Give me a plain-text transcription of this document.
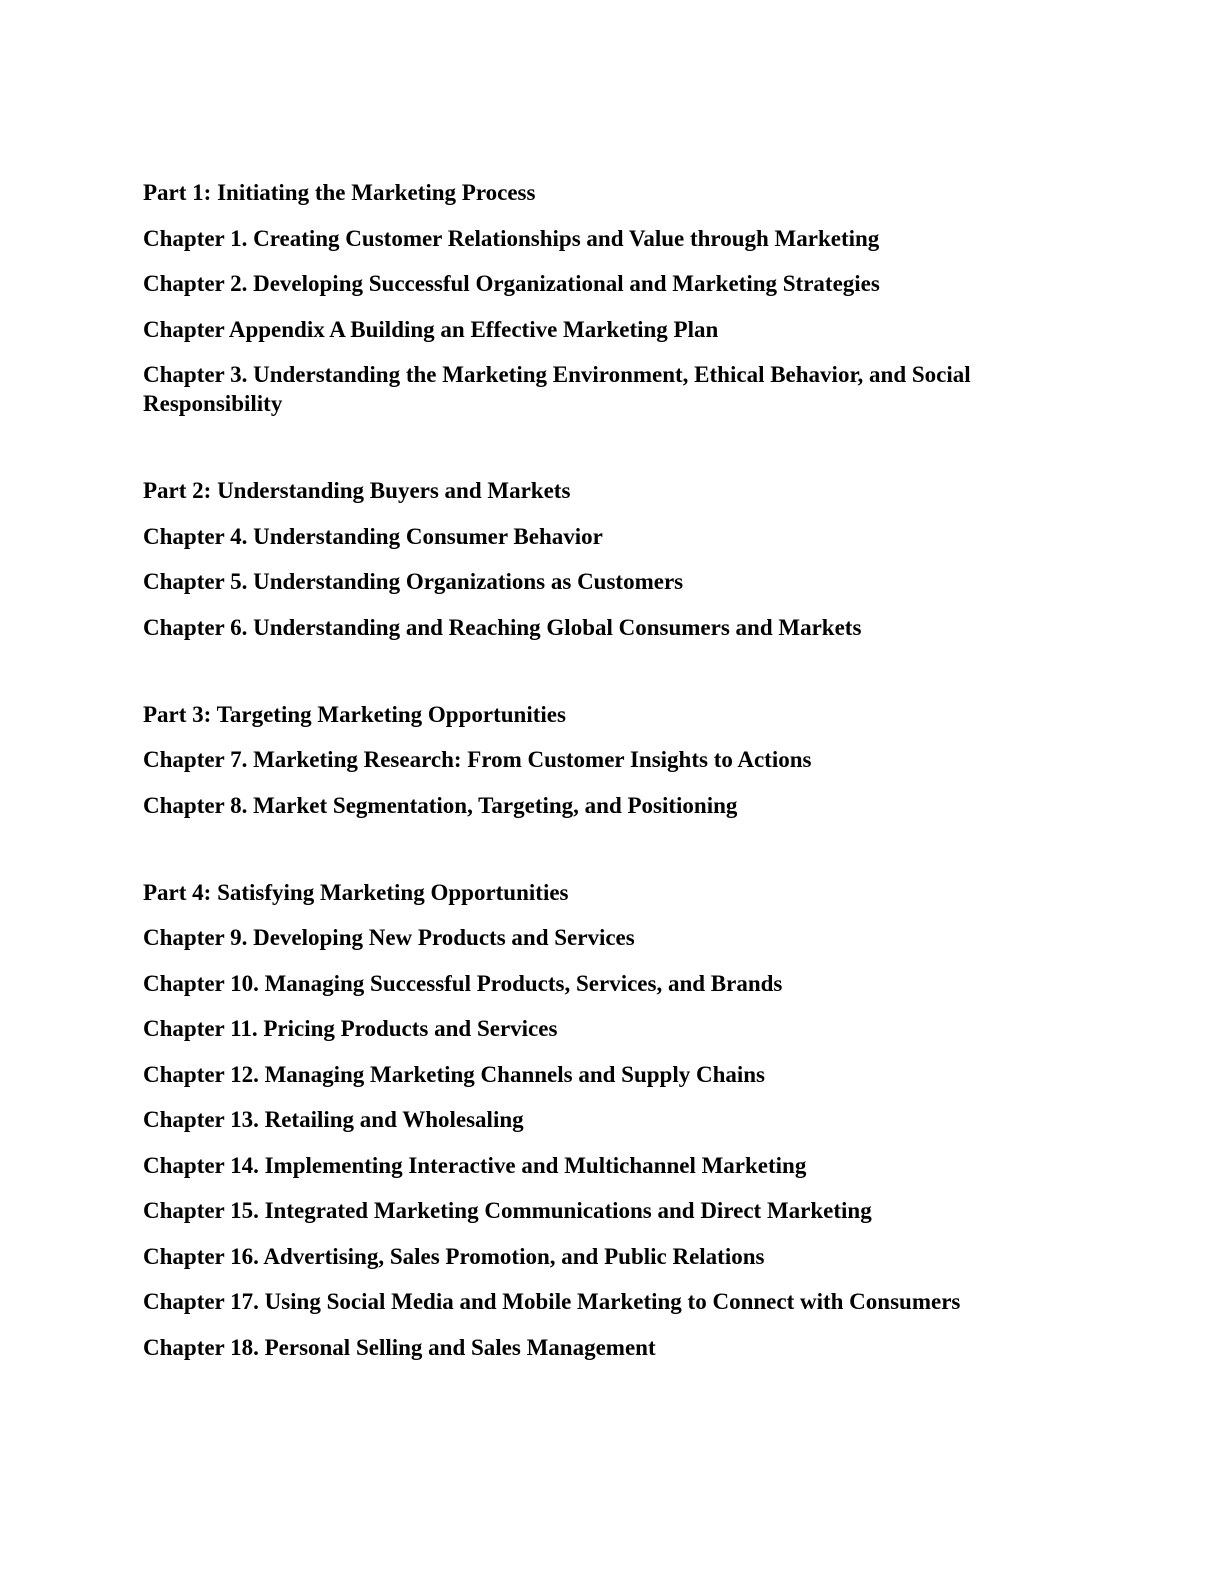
Part 1: Initiating the Marketing Process
Chapter 1. Creating Customer Relationships and Value through Marketing
Chapter 2. Developing Successful Organizational and Marketing Strategies
Chapter Appendix A Building an Effective Marketing Plan
Chapter 3. Understanding the Marketing Environment, Ethical Behavior, and Social Responsibility
Part 2: Understanding Buyers and Markets
Chapter 4. Understanding Consumer Behavior
Chapter 5. Understanding Organizations as Customers
Chapter 6. Understanding and Reaching Global Consumers and Markets
Part 3: Targeting Marketing Opportunities
Chapter 7. Marketing Research: From Customer Insights to Actions
Chapter 8. Market Segmentation, Targeting, and Positioning
Part 4: Satisfying Marketing Opportunities
Chapter 9. Developing New Products and Services
Chapter 10. Managing Successful Products, Services, and Brands
Chapter 11. Pricing Products and Services
Chapter 12. Managing Marketing Channels and Supply Chains
Chapter 13. Retailing and Wholesaling
Chapter 14. Implementing Interactive and Multichannel Marketing
Chapter 15. Integrated Marketing Communications and Direct Marketing
Chapter 16. Advertising, Sales Promotion, and Public Relations
Chapter 17. Using Social Media and Mobile Marketing to Connect with Consumers
Chapter 18. Personal Selling and Sales Management
